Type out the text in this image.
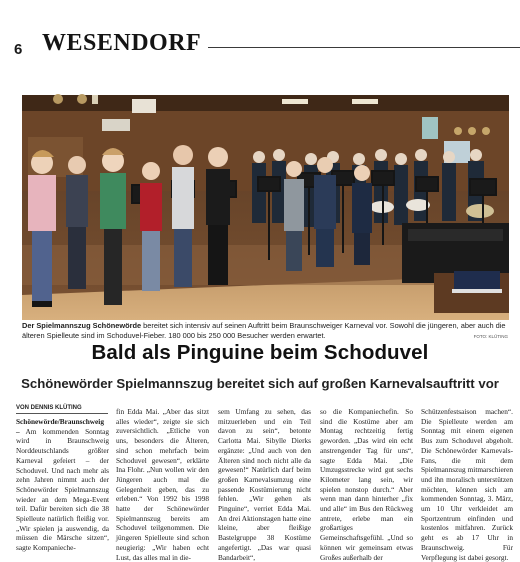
6 WESENDORF

Der Spielmannszug Schönewörde bereitet sich intensiv auf seinen Auftritt beim Braunschweiger Karneval vor. Sowohl die jüngeren, aber auch die älteren Spielleute sind im Schoduvel-Fieber. 180 000 bis 250 000 Besucher werden erwartet.	FOTO: KLÜTING
Bald als Pinguine beim Schoduvel
Schönewörder Spielmannszug bereitet sich auf großen Karnevalsauftritt vor
VON DENNIS KLÜTING

Schönewörde/Braunschweig – Am kommenden Sonntag wird in Braunschweig Norddeutschlands größter Karneval gefeiert – der Schoduvel. Und nach mehr als zehn Jahren nimmt auch der Schönewörder Spielmannszug wieder an dem Mega-Event teil. Dafür bereiten sich die 38 Spielleute natürlich fleißig vor. „Wir spielen ja auswendig, da müssen die Märsche sitzen“, sagte Kompanieche-

fin Edda Mai. „Aber das sitzt alles wieder“, zeigte sie sich zuversichtlich. „Etliche von uns, besonders die Älteren, sind schon mehrfach beim Schoduvel gewesen“, erklärte Ina Flohr. „Nun wollen wir den Jüngeren auch mal die Gelegenheit geben, das zu erleben.“ Von 1992 bis 1998 hatte der Schönewörder Spielmannszug bereits am Schoduvel teilgenommen. Die jüngeren Spielleute sind schon neugierig: „Wir haben echt Lust, das alles mal in die-

sem Umfang zu sehen, das mitzuerleben und ein Teil davon zu sein“, betonte Carlotta Mai. Sibylle Dierks ergänzte: „Und auch von den Älteren sind noch nicht alle da gewesen!“ Natürlich darf beim großen Karnevalsumzug eine passende Kostümierung nicht fehlen. „Wir gehen als Pinguine“, verriet Edda Mai. An drei Aktionstagen hatte eine kleine, aber fleißige Bastelgruppe 38 Kostüme angefertigt. „Das war quasi Bandarbeit“,

so die Kompaniechefin. So sind die Kostüme aber am Montag rechtzeitig fertig geworden. „Das wird ein echt anstrengender Tag für uns“, sagte Edda Mai. „Die Umzugsstrecke wird gut sechs Kilometer lang sein, wir spielen nonstop durch.“ Aber wenn man dann hinterher „fix und alle“ im Bus den Rückweg antrete, erlebe man ein großartiges Gemeinschaftsgefühl. „Und so können wir gemeinsam etwas Großes außerhalb der

Schützenfestsaison machen“. Die Spielleute werden am Sonntag mit einem eigenen Bus zum Schoduvel abgeholt. Die Schönewörder Karnevals-Fans, die mit dem Spielmannszug mitmarschieren und ihn moralisch unterstützen möchten, können sich am kommenden Sonntag, 3. März, um 10 Uhr verkleidet am Sportzentrum einfinden und kostenlos mitfahren. Zurück geht es ab 17 Uhr in Braunschweig. Für Verpflegung ist dabei gesorgt.
